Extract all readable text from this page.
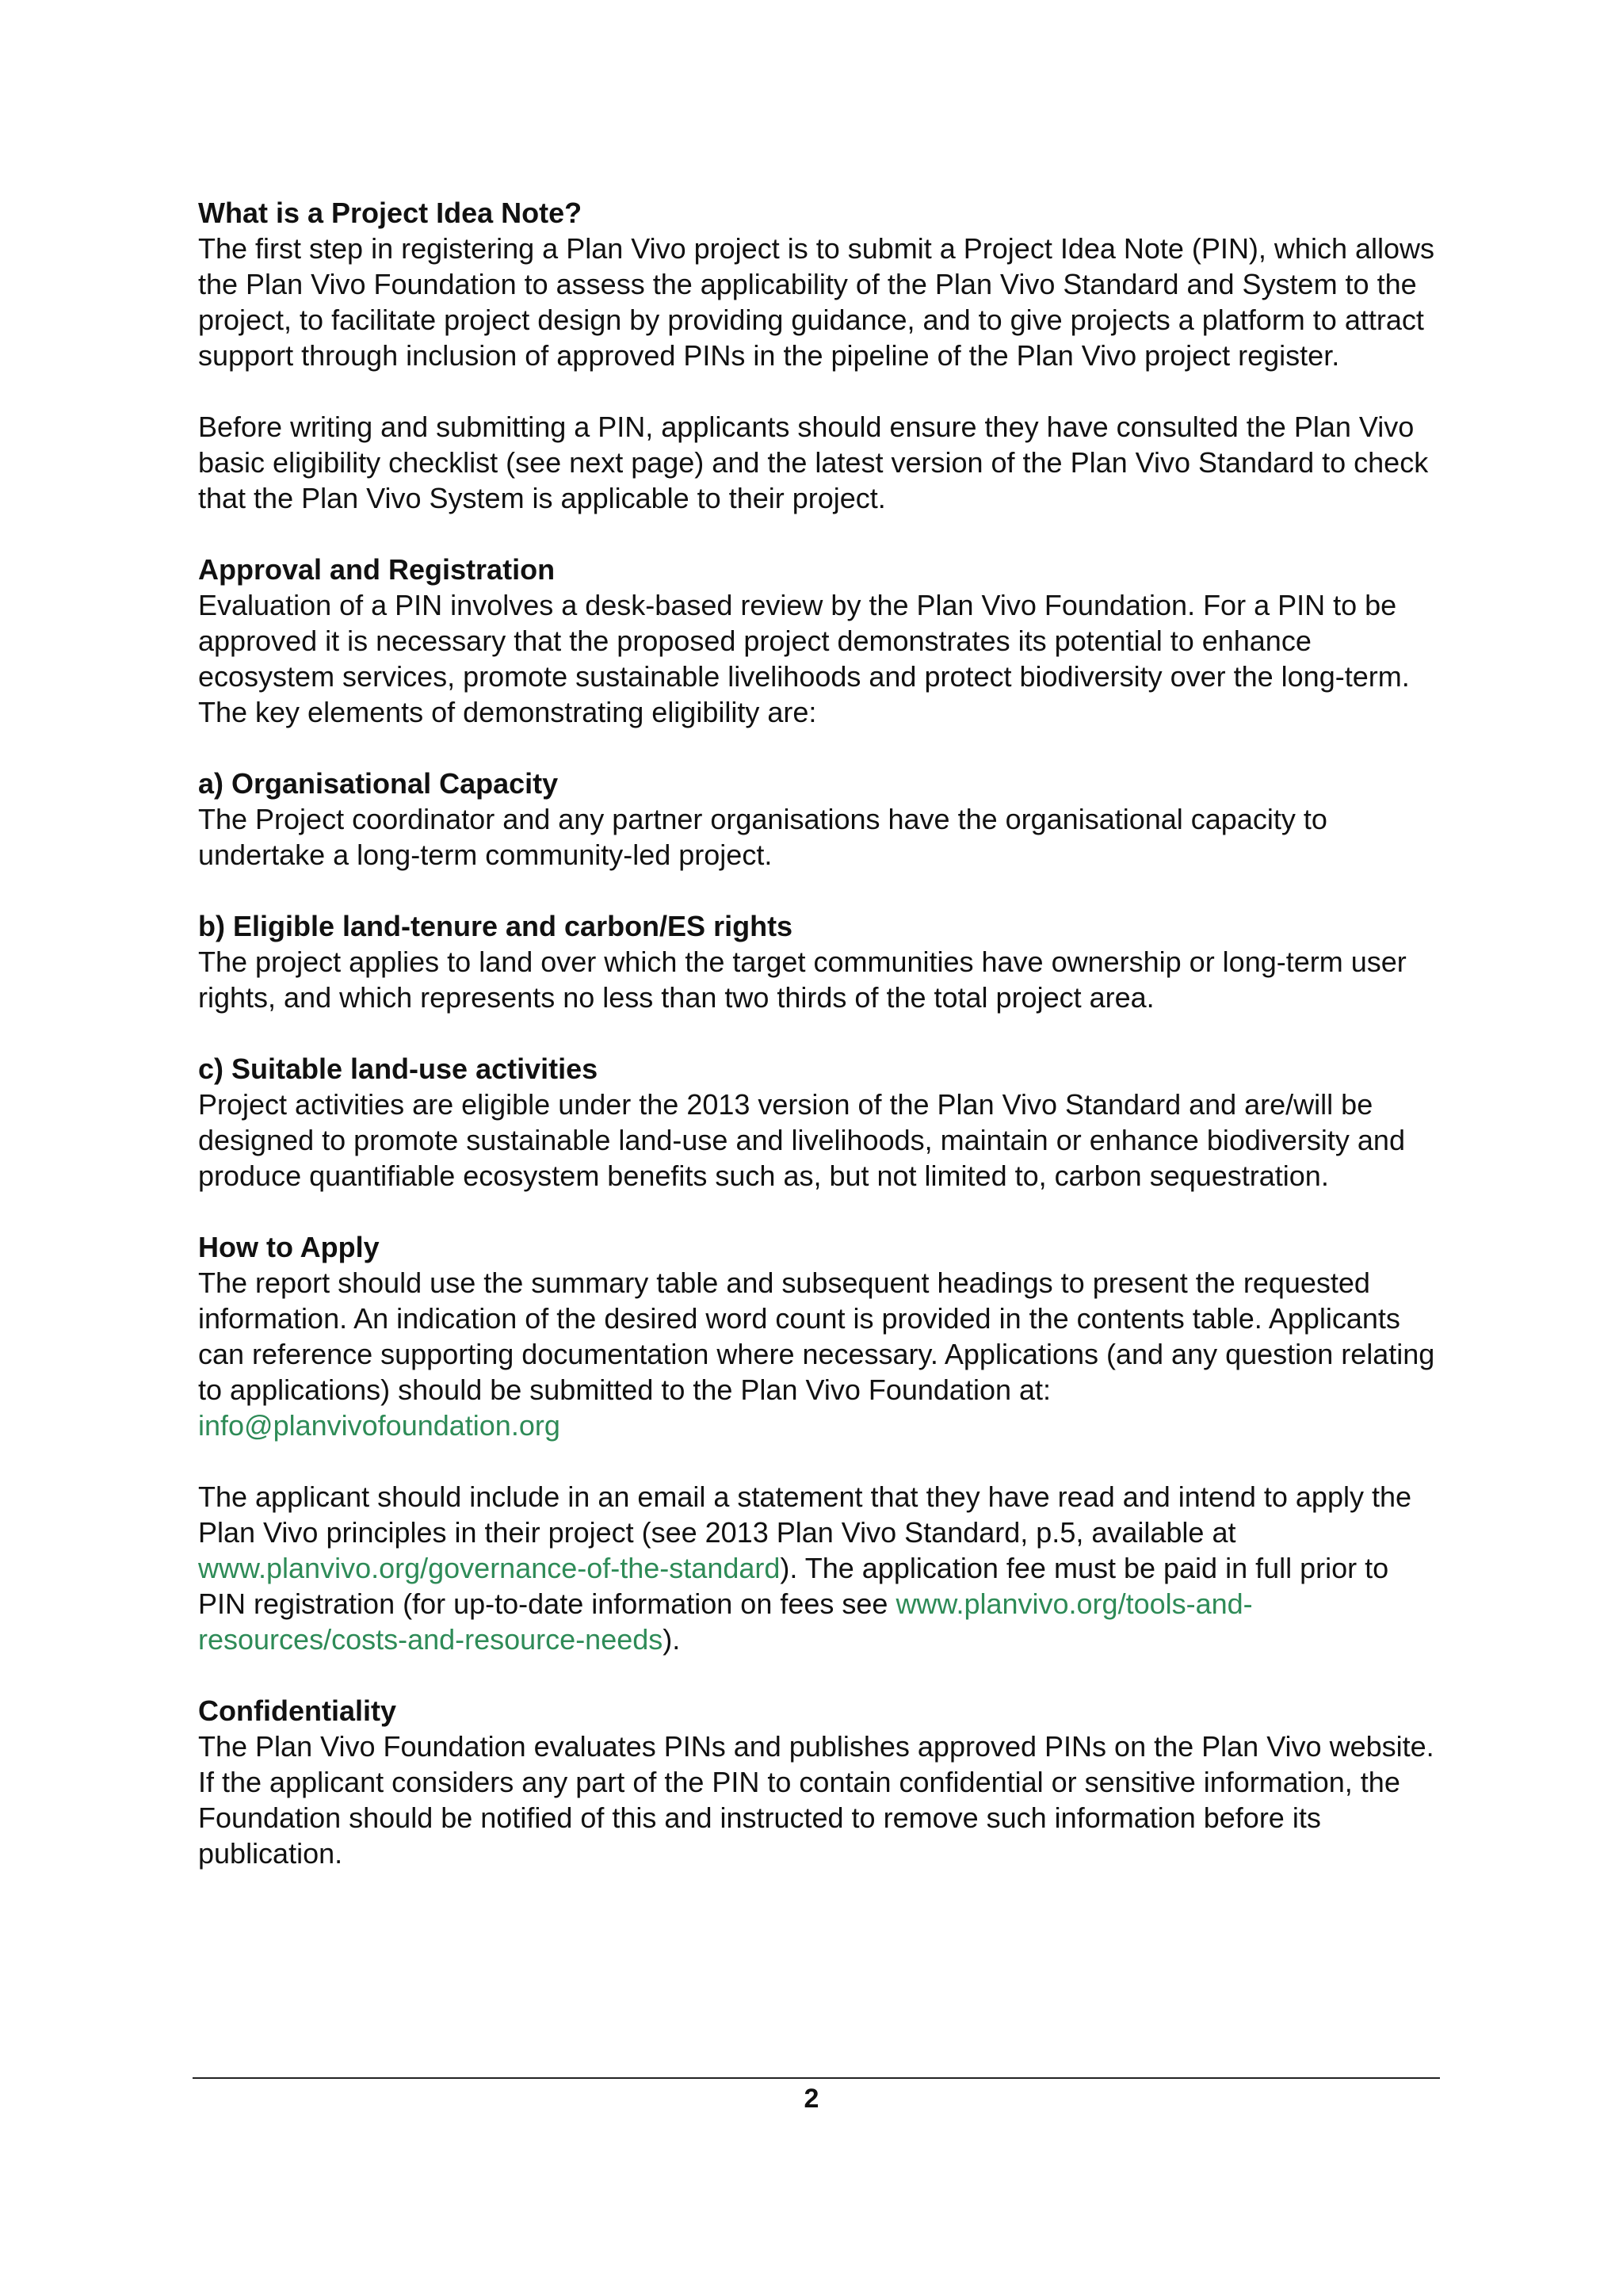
What is a Project Idea Note?
The first step in registering a Plan Vivo project is to submit a Project Idea Note (PIN), which allows the Plan Vivo Foundation to assess the applicability of the Plan Vivo Standard and System to the project, to facilitate project design by providing guidance, and to give projects a platform to attract support through inclusion of approved PINs in the pipeline of the Plan Vivo project register.
Before writing and submitting a PIN, applicants should ensure they have consulted the Plan Vivo basic eligibility checklist (see next page) and the latest version of the Plan Vivo Standard to check that the Plan Vivo System is applicable to their project.
Approval and Registration
Evaluation of a PIN involves a desk-based review by the Plan Vivo Foundation. For a PIN to be approved it is necessary that the proposed project demonstrates its potential to enhance ecosystem services, promote sustainable livelihoods and protect biodiversity over the long-term. The key elements of demonstrating eligibility are:
a) Organisational Capacity
The Project coordinator and any partner organisations have the organisational capacity to undertake a long-term community-led project.
b) Eligible land-tenure and carbon/ES rights
The project applies to land over which the target communities have ownership or long-term user rights, and which represents no less than two thirds of the total project area.
c) Suitable land-use activities
Project activities are eligible under the 2013 version of the Plan Vivo Standard and are/will be designed to promote sustainable land-use and livelihoods, maintain or enhance biodiversity and produce quantifiable ecosystem benefits such as, but not limited to, carbon sequestration.
How to Apply
The report should use the summary table and subsequent headings to present the requested information. An indication of the desired word count is provided in the contents table. Applicants can reference supporting documentation where necessary. Applications (and any question relating to applications) should be submitted to the Plan Vivo Foundation at:
info@planvivofoundation.org
The applicant should include in an email a statement that they have read and intend to apply the Plan Vivo principles in their project (see 2013 Plan Vivo Standard, p.5, available at www.planvivo.org/governance-of-the-standard). The application fee must be paid in full prior to PIN registration (for up-to-date information on fees see www.planvivo.org/tools-and-resources/costs-and-resource-needs).
Confidentiality
The Plan Vivo Foundation evaluates PINs and publishes approved PINs on the Plan Vivo website. If the applicant considers any part of the PIN to contain confidential or sensitive information, the Foundation should be notified of this and instructed to remove such information before its publication.
2
